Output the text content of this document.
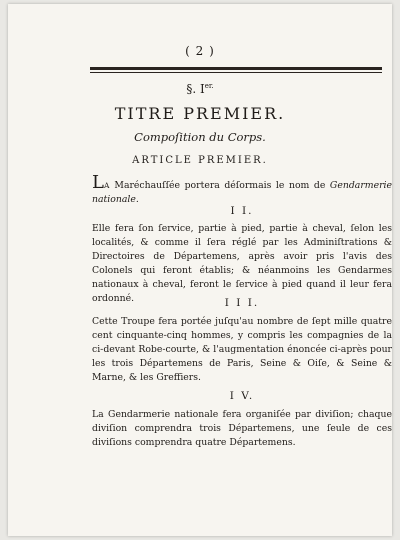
( 2 )
§. $I^{er.}$
TITRE PREMIER.
Compoſition du Corps.
ARTICLE PREMIER.
LA Maréchauſſée portera déſormais le nom de Gendarmerie nationale.
I I.
Elle fera ſon ſervice, partie à pied, partie à cheval, ſelon les localités, & comme il ſera réglé par les Adminiſtrations & Directoires de Départemens, après avoir pris l'avis des Colonels qui feront établis; & néanmoins les Gendarmes nationaux à cheval, feront le ſervice à pied quand il leur fera ordonné.	I I I.
Cette Troupe fera portée juſqu'au nombre de ſept mille quatre cent cinquante-cinq hommes, y compris les compagnies de la ci-devant Robe-courte, & l'augmentation énoncée ci-après pour les trois Départemens de Paris, Seine & Oiſe, & Seine & Marne, & les Greffiers.
I V.
La Gendarmerie nationale fera organiſée par diviſion; chaque diviſion comprendra trois Départemens, une ſeule de ces diviſions comprendra quatre Départemens.
